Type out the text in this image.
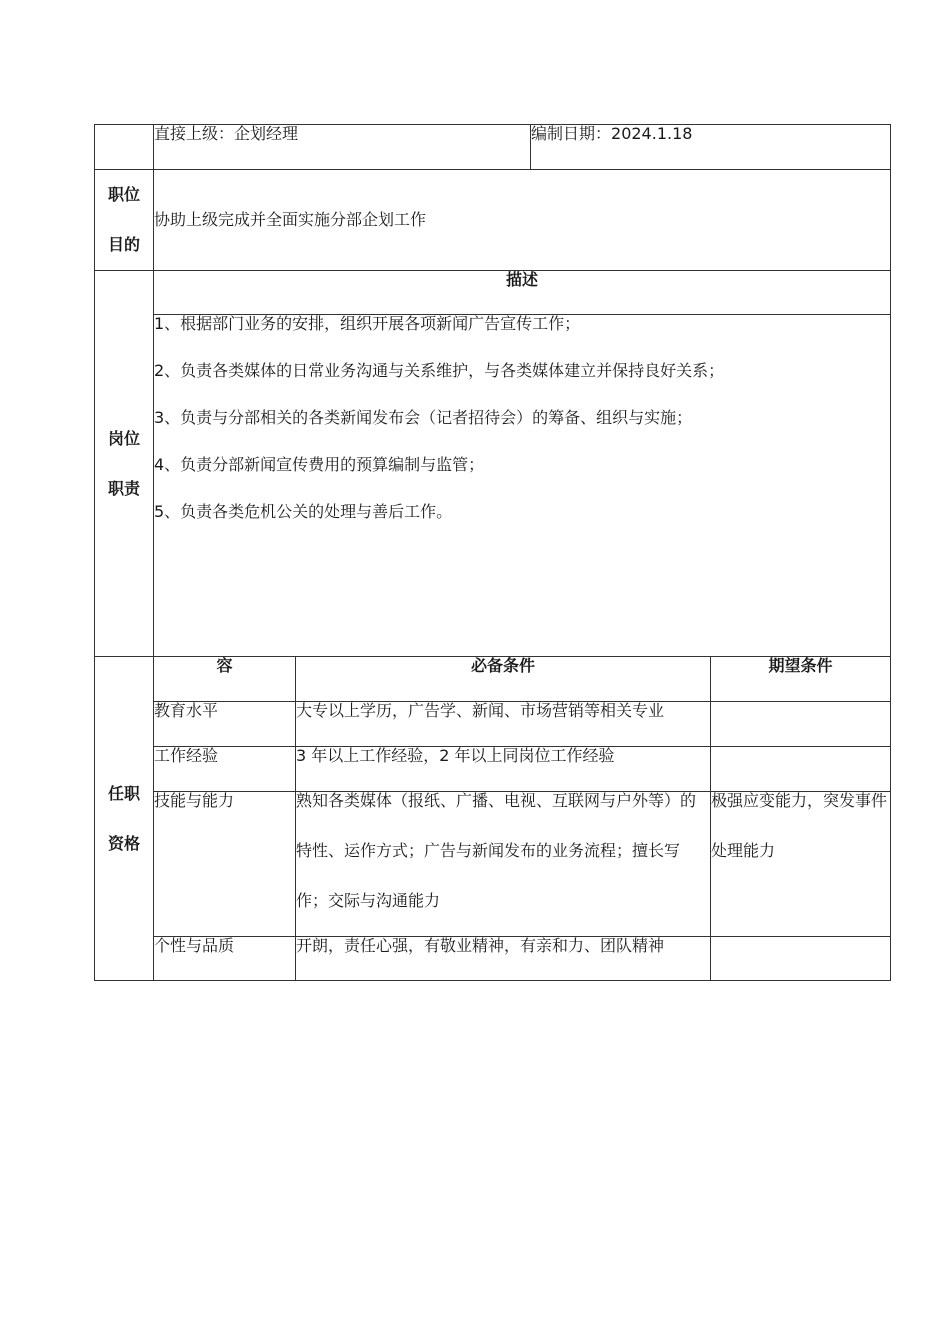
	直接上级：企划经理		编制日期：2024.1.18	

职位
目的	协助上级完成并全面实施分部企划工作			

岗位
职责	描述			

	1、根据部门业务的安排，组织开展各项新闻广告宣传工作；
2、负责各类媒体的日常业务沟通与关系维护，与各类媒体建立并保持良好关系；
3、负责与分部相关的各类新闻发布会（记者招待会）的筹备、组织与实施；
4、负责分部新闻宣传费用的预算编制与监管；
5、负责各类危机公关的处理与善后工作。			

任职
资格	容	必备条件		期望条件
	教育水平	大专以上学历，广告学、新闻、市场营销等相关专业		
	工作经验	3 年以上工作经验，2 年以上同岗位工作经验		
	技能与能力	熟知各类媒体（报纸、广播、电视、互联网与户外等）的特性、运作方式；广告与新闻发布的业务流程；擅长写作；交际与沟通能力		极强应变能力，突发事件处理能力

	个性与品质	开朗，责任心强，有敬业精神，有亲和力、团队精神		
